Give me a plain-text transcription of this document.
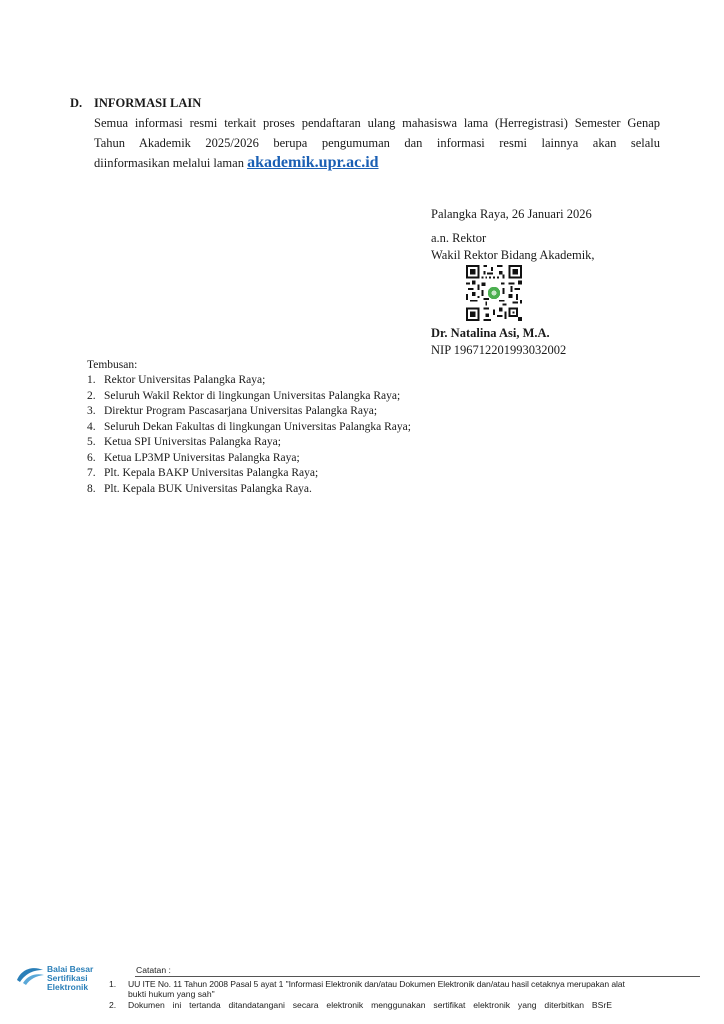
D. INFORMASI LAIN
Semua informasi resmi terkait proses pendaftaran ulang mahasiswa lama (Herregistrasi) Semester Genap
Tahun Akademik 2025/2026 berupa pengumuman dan informasi resmi lainnya akan selalu
diinformasikan melalui laman akademik.upr.ac.id
Palangka Raya, 26 Januari 2026
a.n. Rektor
Wakil Rektor Bidang Akademik,
Dr. Natalina Asi, M.A.
NIP 196712201993032002
Tembusan:
1. Rektor Universitas Palangka Raya;
2. Seluruh Wakil Rektor di lingkungan Universitas Palangka Raya;
3. Direktur Program Pascasarjana Universitas Palangka Raya;
4. Seluruh Dekan Fakultas di lingkungan Universitas Palangka Raya;
5. Ketua SPI Universitas Palangka Raya;
6. Ketua LP3MP Universitas Palangka Raya;
7. Plt. Kepala BAKP Universitas Palangka Raya;
8. Plt. Kepala BUK Universitas Palangka Raya.
Balai Besar
Sertifikasi
Elektronik
Catatan :
1. UU ITE No. 11 Tahun 2008 Pasal 5 ayat 1 "Informasi Elektronik dan/atau Dokumen Elektronik dan/atau hasil cetaknya merupakan alat
bukti hukum yang sah"
2. Dokumen ini tertanda ditandatangani secara elektronik menggunakan sertifikat elektronik yang diterbitkan BSrE
